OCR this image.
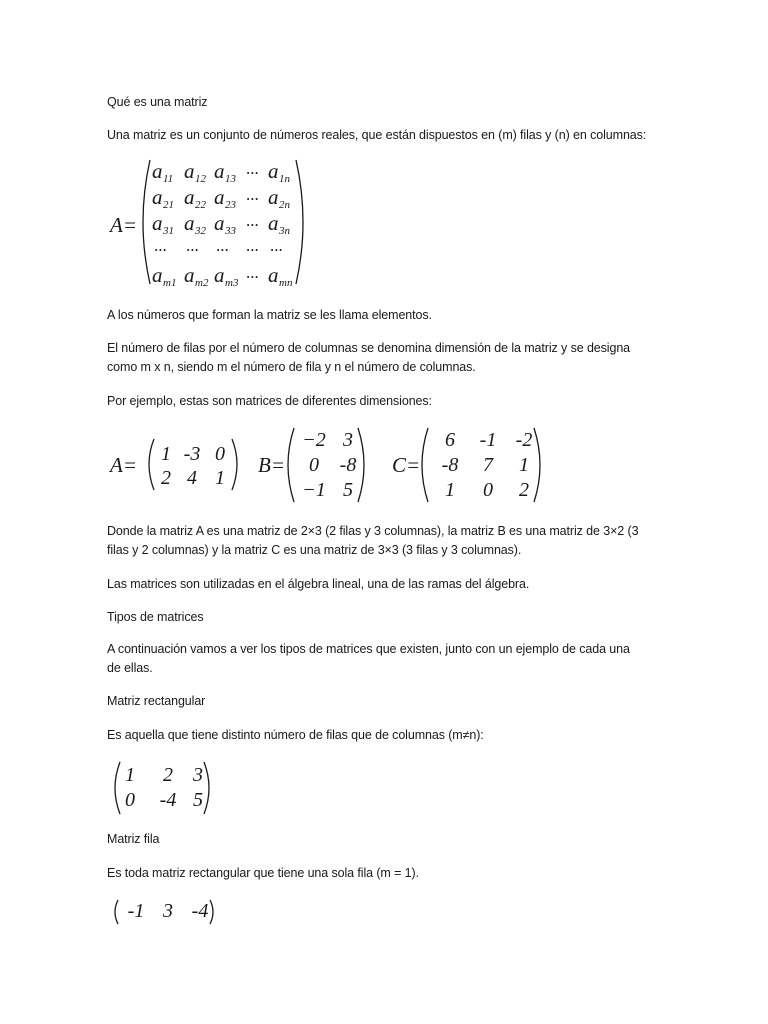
Qué es una matriz
Una matriz es un conjunto de números reales, que están dispuestos en (m) filas y (n) en columnas:
A=
a 11 a 12 a 13
... a 1n
a 21 a 22 a 23
... a 2n
a 31 a 32 a 33
... a 3n
... ... ... ... ...
a m1 a m2 a m3
... a mn
A los números que forman la matriz se les llama elementos.
El número de filas por el número de columnas se denomina dimensión de la matriz y se designa
como m x n, siendo m el número de fila y n el número de columnas.
Por ejemplo, estas son matrices de diferentes dimensiones:
A= 1 -3 0
2 4 1
B=
−2 3
0 -8
−1 5
C=
6 -1 -2
-8 7 1
1 0 2
Donde la matriz A es una matriz de 2×3 (2 filas y 3 columnas), la matriz B es una matriz de 3×2 (3
filas y 2 columnas) y la matriz C es una matriz de 3×3 (3 filas y 3 columnas).
Las matrices son utilizadas en el álgebra lineal, una de las ramas del álgebra.
Tipos de matrices
A continuación vamos a ver los tipos de matrices que existen, junto con un ejemplo de cada una
de ellas.
Matriz rectangular
Es aquella que tiene distinto número de filas que de columnas (m≠n):
1 2 3
0 -4 5
Matriz fila
Es toda matriz rectangular que tiene una sola fila (m = 1).
-1 3 -4
